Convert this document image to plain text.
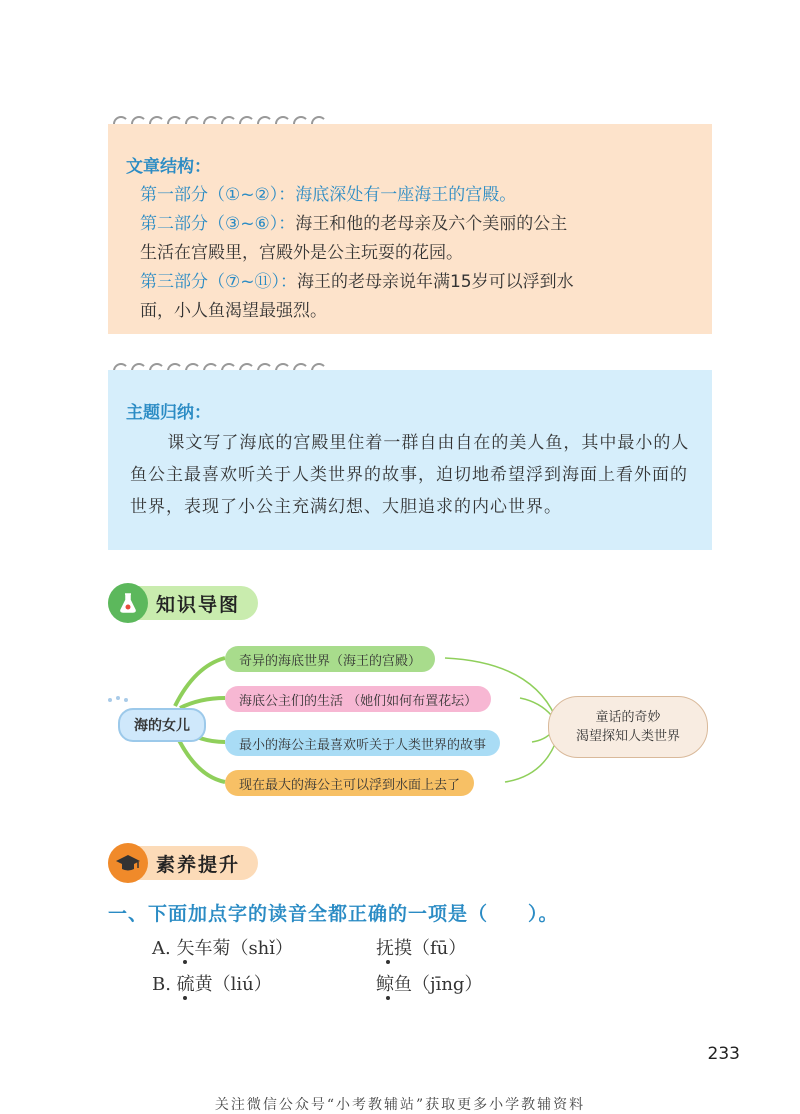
文章结构：
第一部分（①~②）：海底深处有一座海王的宫殿。
第二部分（③~⑥）：海王和他的老母亲及六个美丽的公主
生活在宫殿里，宫殿外是公主玩耍的花园。
第三部分（⑦~⑪）：海王的老母亲说年满15岁可以浮到水
面，小人鱼渴望最强烈。
主题归纳：
课文写了海底的宫殿里住着一群自由自在的美人鱼，其中最小的人鱼公主最喜欢听关于人类世界的故事，迫切地希望浮到海面上看外面的世界，表现了小公主充满幻想、大胆追求的内心世界。
知识导图
海的女儿
奇异的海底世界（海王的宫殿）
海底公主们的生活 （她们如何布置花坛）
最小的海公主最喜欢听关于人类世界的故事
现在最大的海公主可以浮到水面上去了
童话的奇妙
渴望探知人类世界
素养提升
一、下面加点字的读音全都正确的一项是（　　）。
A. 矢车菊（shǐ）	抚摸（fū）
B. 硫黄（liú）	鲸鱼（jīng）
233
关注微信公众号“小考教辅站”获取更多小学教辅资料
